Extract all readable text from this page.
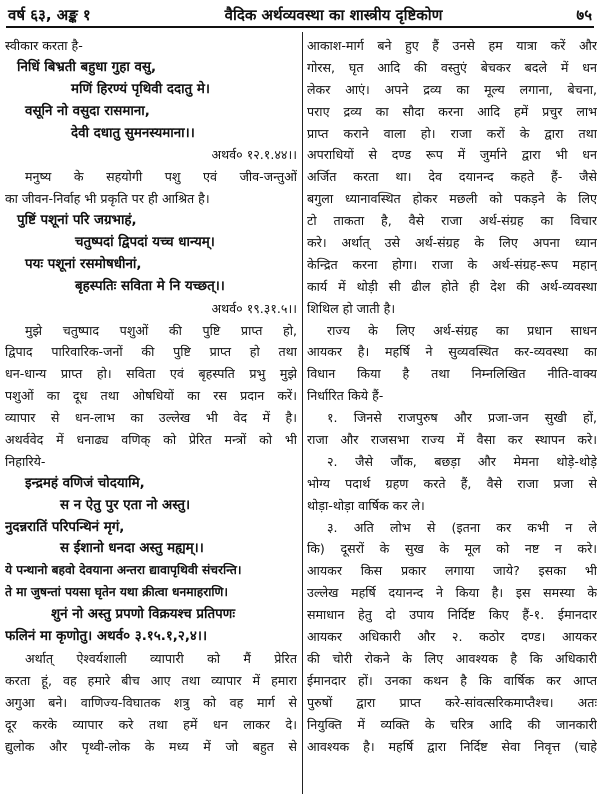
वर्ष ६३, अङ्क १	वैदिक अर्थव्यवस्था का शास्त्रीय दृष्टिकोण	७५
स्वीकार करता है-
निधिं बिभ्रती बहुधा गुहा वसु,
मणिं हिरण्यं पृथिवी ददातु मे।
वसूनि नो वसुदा रासमाना,
देवी दधातु सुमनस्यमाना।।
अथर्व० १२.१.४४।।
मनुष्य के सहयोगी पशु एवं जीव-जन्तुओं
का जीवन-निर्वाह भी प्रकृति पर ही आश्रित है।
पुष्टिं पशूनां परि जग्रभाहं,
चतुष्पदां द्विपदां यच्च धान्यम्।
पयः पशूनां रसमोषधीनां,
बृहस्पतिः सविता मे नि यच्छत्।।
अथर्व० १९.३१.५।।
मुझे चतुष्पाद पशुओं की पुष्टि प्राप्त हो,
द्विपाद पारिवारिक-जनों की पुष्टि प्राप्त हो तथा
धन-धान्य प्राप्त हो। सविता एवं बृहस्पति प्रभु मुझे
पशुओं का दूध तथा ओषधियों का रस प्रदान करें।
व्यापार से धन-लाभ का उल्लेख भी वेद में है।
अथर्ववेद में धनाढ्य वणिक् को प्रेरित मन्त्रों को भी
निहारिये-
इन्द्रमहं वणिजं चोदयामि,
स न ऐतु पुर एता नो अस्तु।
नुदन्नरातिं परिपन्थिनं मृगं,
स ईशानो धनदा अस्तु मह्यम्।।
ये पन्थानो बहवो देवयाना अन्तरा द्यावापृथिवी संचरन्ति।
ते मा जुषन्तां पयसा घृतेन यथा क्रीत्वा धनमाहराणि।
शुनं नो अस्तु प्रपणो विक्रयश्च प्रतिपणः
फलिनं मा कृणोतु। अथर्व० ३.१५.१,२,४।।
अर्थात् ऐश्वर्यशाली व्यापारी को मैं प्रेरित
करता हूं, वह हमारे बीच आए तथा व्यापार में हमारा
अगुआ बने। वाणिज्य-विघातक शत्रु को वह मार्ग से
दूर करके व्यापार करे तथा हमें धन लाकर दे।
द्युलोक और पृथ्वी-लोक के मध्य में जो बहुत से
आकाश-मार्ग बने हुए हैं उनसे हम यात्रा करें और
गोरस, घृत आदि की वस्तुएं बेचकर बदले में धन
लेकर आएं। अपने द्रव्य का मूल्य लगाना, बेचना,
पराए द्रव्य का सौदा करना आदि हमें प्रचुर लाभ
प्राप्त कराने वाला हो। राजा करों के द्वारा तथा
अपराधियों से दण्ड रूप में जुर्माने द्वारा भी धन
अर्जित करता था। देव दयानन्द कहते हैं- जैसे
बगुला ध्यानावस्थित होकर मछली को पकड़ने के लिए
टो ताकता है, वैसे राजा अर्थ-संग्रह का विचार
करे। अर्थात् उसे अर्थ-संग्रह के लिए अपना ध्यान
केन्द्रित करना होगा। राजा के अर्थ-संग्रह-रूप महान्
कार्य में थोड़ी सी ढील होते ही देश की अर्थ-व्यवस्था
शिथिल हो जाती है।
राज्य के लिए अर्थ-संग्रह का प्रधान साधन
आयकर है। महर्षि ने सुव्यवस्थित कर-व्यवस्था का
विधान किया है तथा निम्नलिखित नीति-वाक्य
निर्धारित किये हैं-
१. जिनसे राजपुरुष और प्रजा-जन सुखी हों,
राजा और राजसभा राज्य में वैसा कर स्थापन करे।
२. जैसे जौंक, बछड़ा और मेमना थोड़े-थोड़े
भोग्य पदार्थ ग्रहण करते हैं, वैसे राजा प्रजा से
थोड़ा-थोड़ा वार्षिक कर ले।
३. अति लोभ से (इतना कर कभी न ले
कि) दूसरों के सुख के मूल को नष्ट न करे।
आयकर किस प्रकार लगाया जाये? इसका भी
उल्लेख महर्षि दयानन्द ने किया है। इस समस्या के
समाधान हेतु दो उपाय निर्दिष्ट किए हैं-१. ईमानदार
आयकर अधिकारी और २. कठोर दण्ड। आयकर
की चोरी रोकने के लिए आवश्यक है कि अधिकारी
ईमानदार हों। उनका कथन है कि वार्षिक कर आप्त
पुरुषों द्वारा प्राप्त करे-सांवत्सरिकमाप्तैश्च। अतः
नियुक्ति में व्यक्ति के चरित्र आदि की जानकारी
आवश्यक है। महर्षि द्वारा निर्दिष्ट सेवा निवृत्त (चाहे
